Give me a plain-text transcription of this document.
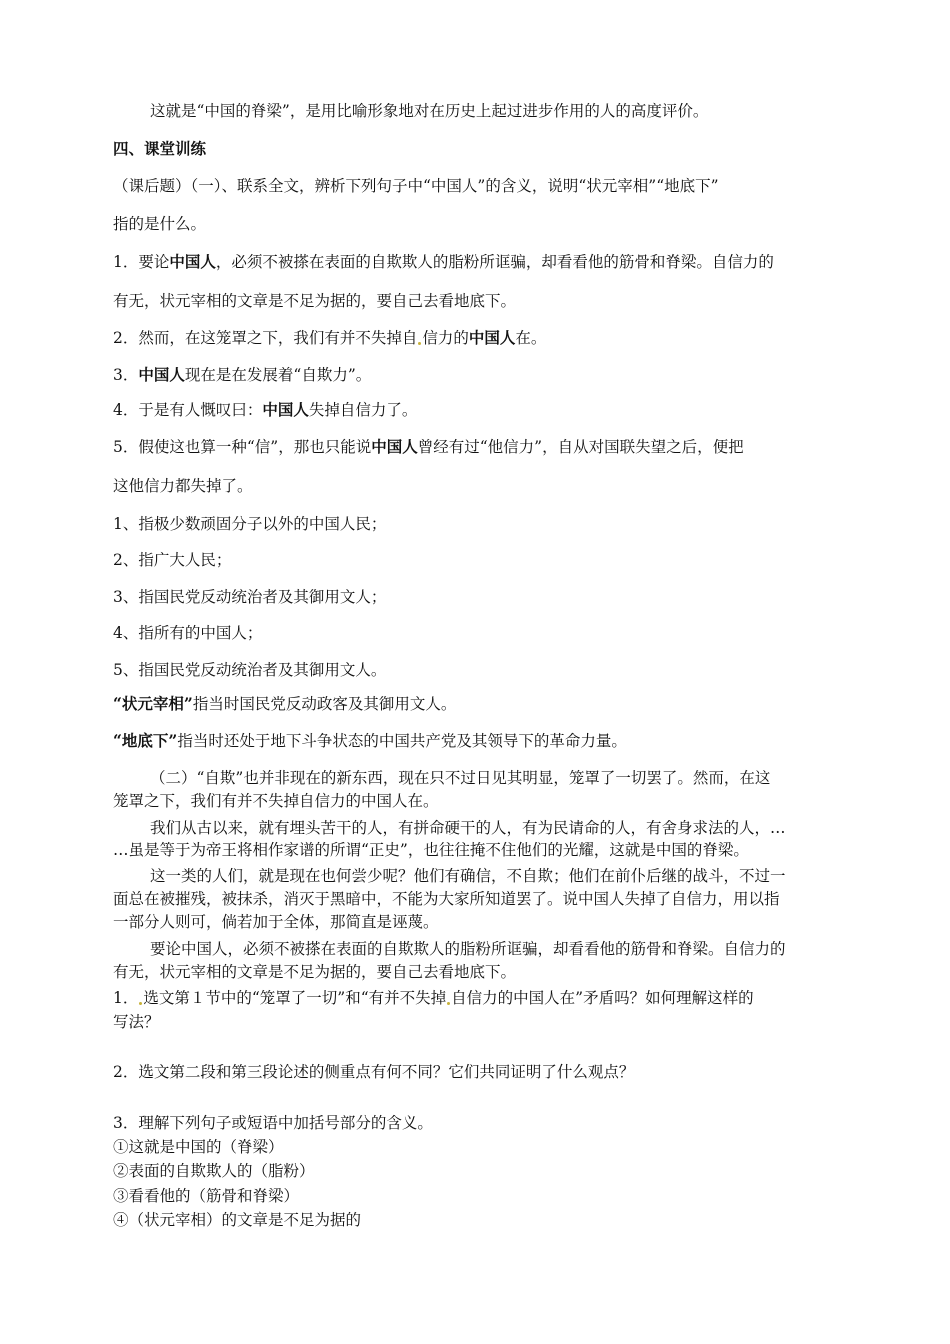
这就是“中国的脊梁”，是用比喻形象地对在历史上起过进步作用的人的高度评价。
四、课堂训练
（课后题）（一）、联系全文，辨析下列句子中“中国人”的含义，说明“状元宰相”“地底下”
指的是什么。
1．要论中国人，必须不被搽在表面的自欺欺人的脂粉所诓骗，却看看他的筋骨和脊梁。自信力的
有无，状元宰相的文章是不足为据的，要自己去看地底下。
2．然而，在这笼罩之下，我们有并不失掉自 信力的中国人在。
3．中国人现在是在发展着“自欺力”。
4．于是有人慨叹曰：中国人失掉自信力了。
5．假使这也算一种“信”，那也只能说中国人曾经有过“他信力”，自从对国联失望之后，便把
这他信力都失掉了。
1、指极少数顽固分子以外的中国人民；
2、指广大人民；
3、指国民党反动统治者及其御用文人；
4、指所有的中国人；
5、指国民党反动统治者及其御用文人。
“状元宰相”指当时国民党反动政客及其御用文人。
“地底下”指当时还处于地下斗争状态的中国共产党及其领导下的革命力量。
（二）“自欺”也并非现在的新东西，现在只不过日见其明显，笼罩了一切罢了。然而，在这
笼罩之下，我们有并不失掉自信力的中国人在。
我们从古以来，就有埋头苦干的人，有拼命硬干的人，有为民请命的人，有舍身求法的人，…
…虽是等于为帝王将相作家谱的所谓“正史”，也往往掩不住他们的光耀，这就是中国的脊梁。
这一类的人们，就是现在也何尝少呢？他们有确信，不自欺；他们在前仆后继的战斗，不过一
面总在被摧残，被抹杀，消灭于黑暗中，不能为大家所知道罢了。说中国人失掉了自信力，用以指
一部分人则可，倘若加于全体，那简直是诬蔑。
要论中国人，必须不被搽在表面的自欺欺人的脂粉所诓骗，却看看他的筋骨和脊梁。自信力的
有无，状元宰相的文章是不足为据的，要自己去看地底下。
1． 选文第１节中的“笼罩了一切”和“有并不失掉 自信力的中国人在”矛盾吗？如何理解这样的
写法？
2．选文第二段和第三段论述的侧重点有何不同？它们共同证明了什么观点？
3．理解下列句子或短语中加括号部分的含义。
①这就是中国的（脊梁）
②表面的自欺欺人的（脂粉）
③看看他的（筋骨和脊梁）
④（状元宰相）的文章是不足为据的
